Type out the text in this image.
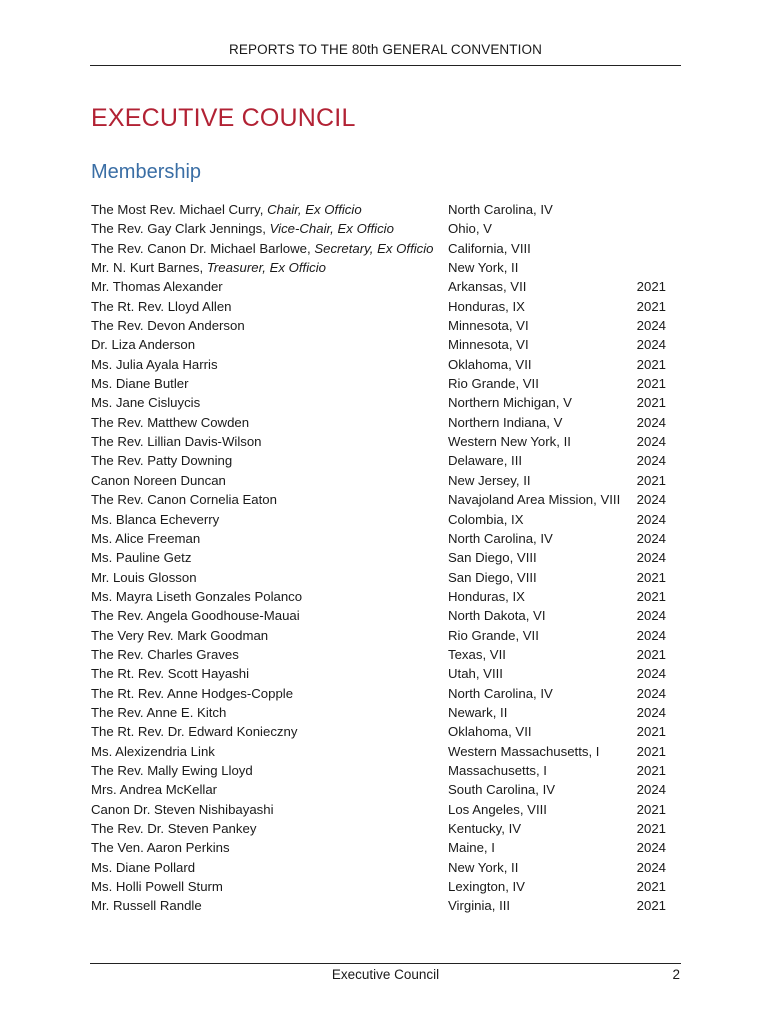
REPORTS TO THE 80th GENERAL CONVENTION
EXECUTIVE COUNCIL
Membership
The Most Rev. Michael Curry, Chair, Ex Officio	North Carolina, IV
The Rev. Gay Clark Jennings, Vice-Chair, Ex Officio	Ohio, V
The Rev. Canon Dr. Michael Barlowe, Secretary, Ex Officio California, VIII
Mr. N. Kurt Barnes, Treasurer, Ex Officio	New York, II
Mr. Thomas Alexander	Arkansas, VII	2021
The Rt. Rev. Lloyd Allen	Honduras, IX	2021
The Rev. Devon Anderson	Minnesota, VI	2024
Dr. Liza Anderson	Minnesota, VI	2024
Ms. Julia Ayala Harris	Oklahoma, VII	2021
Ms. Diane Butler	Rio Grande, VII	2021
Ms. Jane Cisluycis	Northern Michigan, V	2021
The Rev. Matthew Cowden	Northern Indiana, V	2024
The Rev. Lillian Davis-Wilson	Western New York, II	2024
The Rev. Patty Downing	Delaware, III	2024
Canon Noreen Duncan	New Jersey, II	2021
The Rev. Canon Cornelia Eaton	Navajoland Area Mission, VIII 2024
Ms. Blanca Echeverry	Colombia, IX	2024
Ms. Alice Freeman	North Carolina, IV	2024
Ms. Pauline Getz	San Diego, VIII	2024
Mr. Louis Glosson	San Diego, VIII	2021
Ms. Mayra Liseth Gonzales Polanco	Honduras, IX	2021
The Rev. Angela Goodhouse-Mauai	North Dakota, VI	2024
The Very Rev. Mark Goodman	Rio Grande, VII	2024
The Rev. Charles Graves	Texas, VII	2021
The Rt. Rev. Scott Hayashi	Utah, VIII	2024
The Rt. Rev. Anne Hodges-Copple	North Carolina, IV	2024
The Rev. Anne E. Kitch	Newark, II	2024
The Rt. Rev. Dr. Edward Konieczny	Oklahoma, VII	2021
Ms. Alexizendria Link	Western Massachusetts, I	2021
The Rev. Mally Ewing Lloyd	Massachusetts, I	2021
Mrs. Andrea McKellar	South Carolina, IV	2024
Canon Dr. Steven Nishibayashi	Los Angeles, VIII	2021
The Rev. Dr. Steven Pankey	Kentucky, IV	2021
The Ven. Aaron Perkins	Maine, I	2024
Ms. Diane Pollard	New York, II	2024
Ms. Holli Powell Sturm	Lexington, IV	2021
Mr. Russell Randle	Virginia, III	2021
Executive Council	2
